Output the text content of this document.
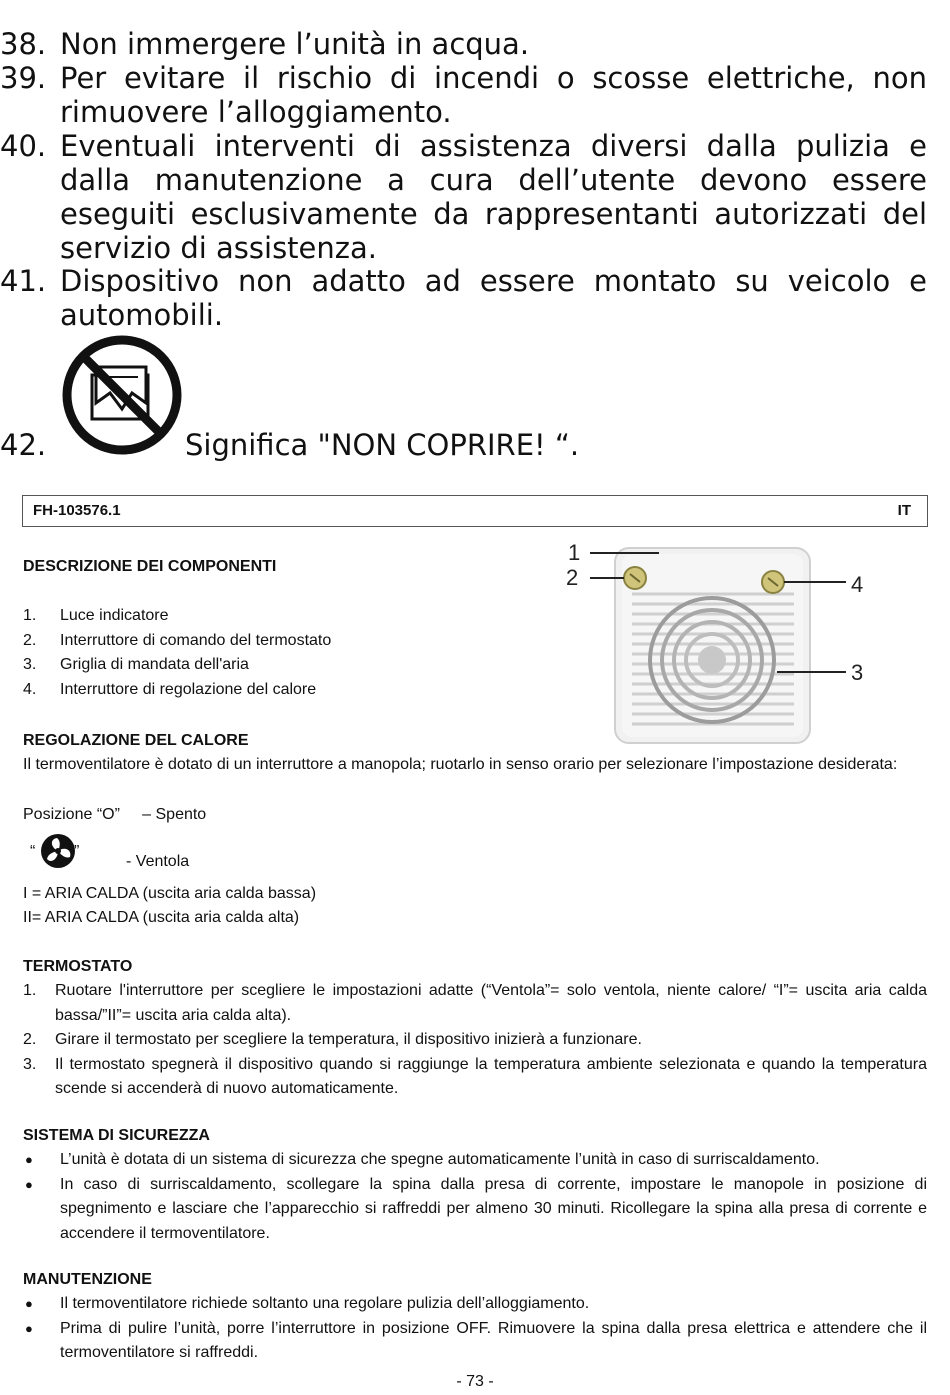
38. Non immergere l’unità in acqua.
39. Per evitare il rischio di incendi o scosse elettriche, non rimuovere l’alloggiamento.
40. Eventuali interventi di assistenza diversi dalla pulizia e dalla manutenzione a cura dell’utente devono essere eseguiti esclusivamente da rappresentanti autorizzati del servizio di assistenza.
41. Dispositivo non adatto ad essere montato su veicolo e automobili.
42.	Significa "NON COPRIRE! “.
FH-103576.1	IT
DESCRIZIONE DEI COMPONENTI
1. Luce indicatore
2. Interruttore di comando del termostato
3. Griglia di mandata dell'aria
4. Interruttore di regolazione del calore
1
2
3
4
REGOLAZIONE DEL CALORE
Il termoventilatore è dotato di un interruttore a manopola; ruotarlo in senso orario per selezionare l’impostazione desiderata:
Posizione “O”     – Spento
“ ”
- Ventola
I = ARIA CALDA (uscita aria calda bassa)
II= ARIA CALDA (uscita aria calda alta)
TERMOSTATO
1. Ruotare l'interruttore per scegliere le impostazioni adatte (“Ventola”= solo ventola, niente calore/ “I”= uscita aria calda bassa/”II”= uscita aria calda alta).
2. Girare il termostato per scegliere la temperatura, il dispositivo inizierà a funzionare.
3. Il termostato spegnerà il dispositivo quando si raggiunge la temperatura ambiente selezionata e quando la temperatura scende si accenderà di nuovo automaticamente.
SISTEMA DI SICUREZZA
● L’unità è dotata di un sistema di sicurezza che spegne automaticamente l’unità in caso di surriscaldamento.
● In caso di surriscaldamento, scollegare la spina dalla presa di corrente, impostare le manopole in posizione di spegnimento e lasciare che l’apparecchio si raffreddi per almeno 30 minuti. Ricollegare la spina alla presa di corrente e accendere il termoventilatore.
MANUTENZIONE
● Il termoventilatore richiede soltanto una regolare pulizia dell’alloggiamento.
● Prima di pulire l’unità, porre l’interruttore in posizione OFF. Rimuovere la spina dalla presa elettrica e attendere che il termoventilatore si raffreddi.
- 73 -
